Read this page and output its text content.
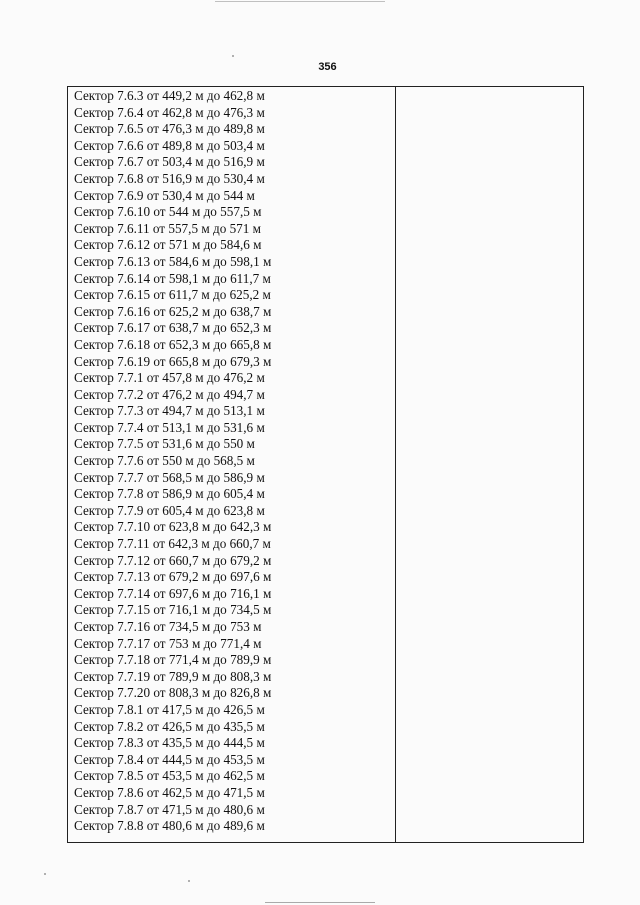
356
Сектор 7.6.3 от 449,2 м до 462,8 м
Сектор 7.6.4 от 462,8 м до 476,3 м
Сектор 7.6.5 от 476,3 м до 489,8 м
Сектор 7.6.6 от 489,8 м до 503,4 м
Сектор 7.6.7 от 503,4 м до 516,9 м
Сектор 7.6.8 от 516,9 м до 530,4 м
Сектор 7.6.9 от 530,4 м до 544 м
Сектор 7.6.10 от 544 м до 557,5 м
Сектор 7.6.11 от 557,5 м до 571 м
Сектор 7.6.12 от 571 м до 584,6 м
Сектор 7.6.13 от 584,6 м до 598,1 м
Сектор 7.6.14 от 598,1 м до 611,7 м
Сектор 7.6.15 от 611,7 м до 625,2 м
Сектор 7.6.16 от 625,2 м до 638,7 м
Сектор 7.6.17 от 638,7 м до 652,3 м
Сектор 7.6.18 от 652,3 м до 665,8 м
Сектор 7.6.19 от 665,8 м до 679,3 м
Сектор 7.7.1 от 457,8 м до 476,2 м
Сектор 7.7.2 от 476,2 м до 494,7 м
Сектор 7.7.3 от 494,7 м до 513,1 м
Сектор 7.7.4 от 513,1 м до 531,6 м
Сектор 7.7.5 от 531,6 м до 550 м
Сектор 7.7.6 от 550 м до 568,5 м
Сектор 7.7.7 от 568,5 м до 586,9 м
Сектор 7.7.8 от 586,9 м до 605,4 м
Сектор 7.7.9 от 605,4 м до 623,8 м
Сектор 7.7.10 от 623,8 м до 642,3 м
Сектор 7.7.11 от 642,3 м до 660,7 м
Сектор 7.7.12 от 660,7 м до 679,2 м
Сектор 7.7.13 от 679,2 м до 697,6 м
Сектор 7.7.14 от 697,6 м до 716,1 м
Сектор 7.7.15 от 716,1 м до 734,5 м
Сектор 7.7.16 от 734,5 м до 753 м
Сектор 7.7.17 от 753 м до 771,4 м
Сектор 7.7.18 от 771,4 м до 789,9 м
Сектор 7.7.19 от 789,9 м до 808,3 м
Сектор 7.7.20 от 808,3 м до 826,8 м
Сектор 7.8.1 от 417,5 м до 426,5 м
Сектор 7.8.2 от 426,5 м до 435,5 м
Сектор 7.8.3 от 435,5 м до 444,5 м
Сектор 7.8.4 от 444,5 м до 453,5 м
Сектор 7.8.5 от 453,5 м до 462,5 м
Сектор 7.8.6 от 462,5 м до 471,5 м
Сектор 7.8.7 от 471,5 м до 480,6 м
Сектор 7.8.8 от 480,6 м до 489,6 м
